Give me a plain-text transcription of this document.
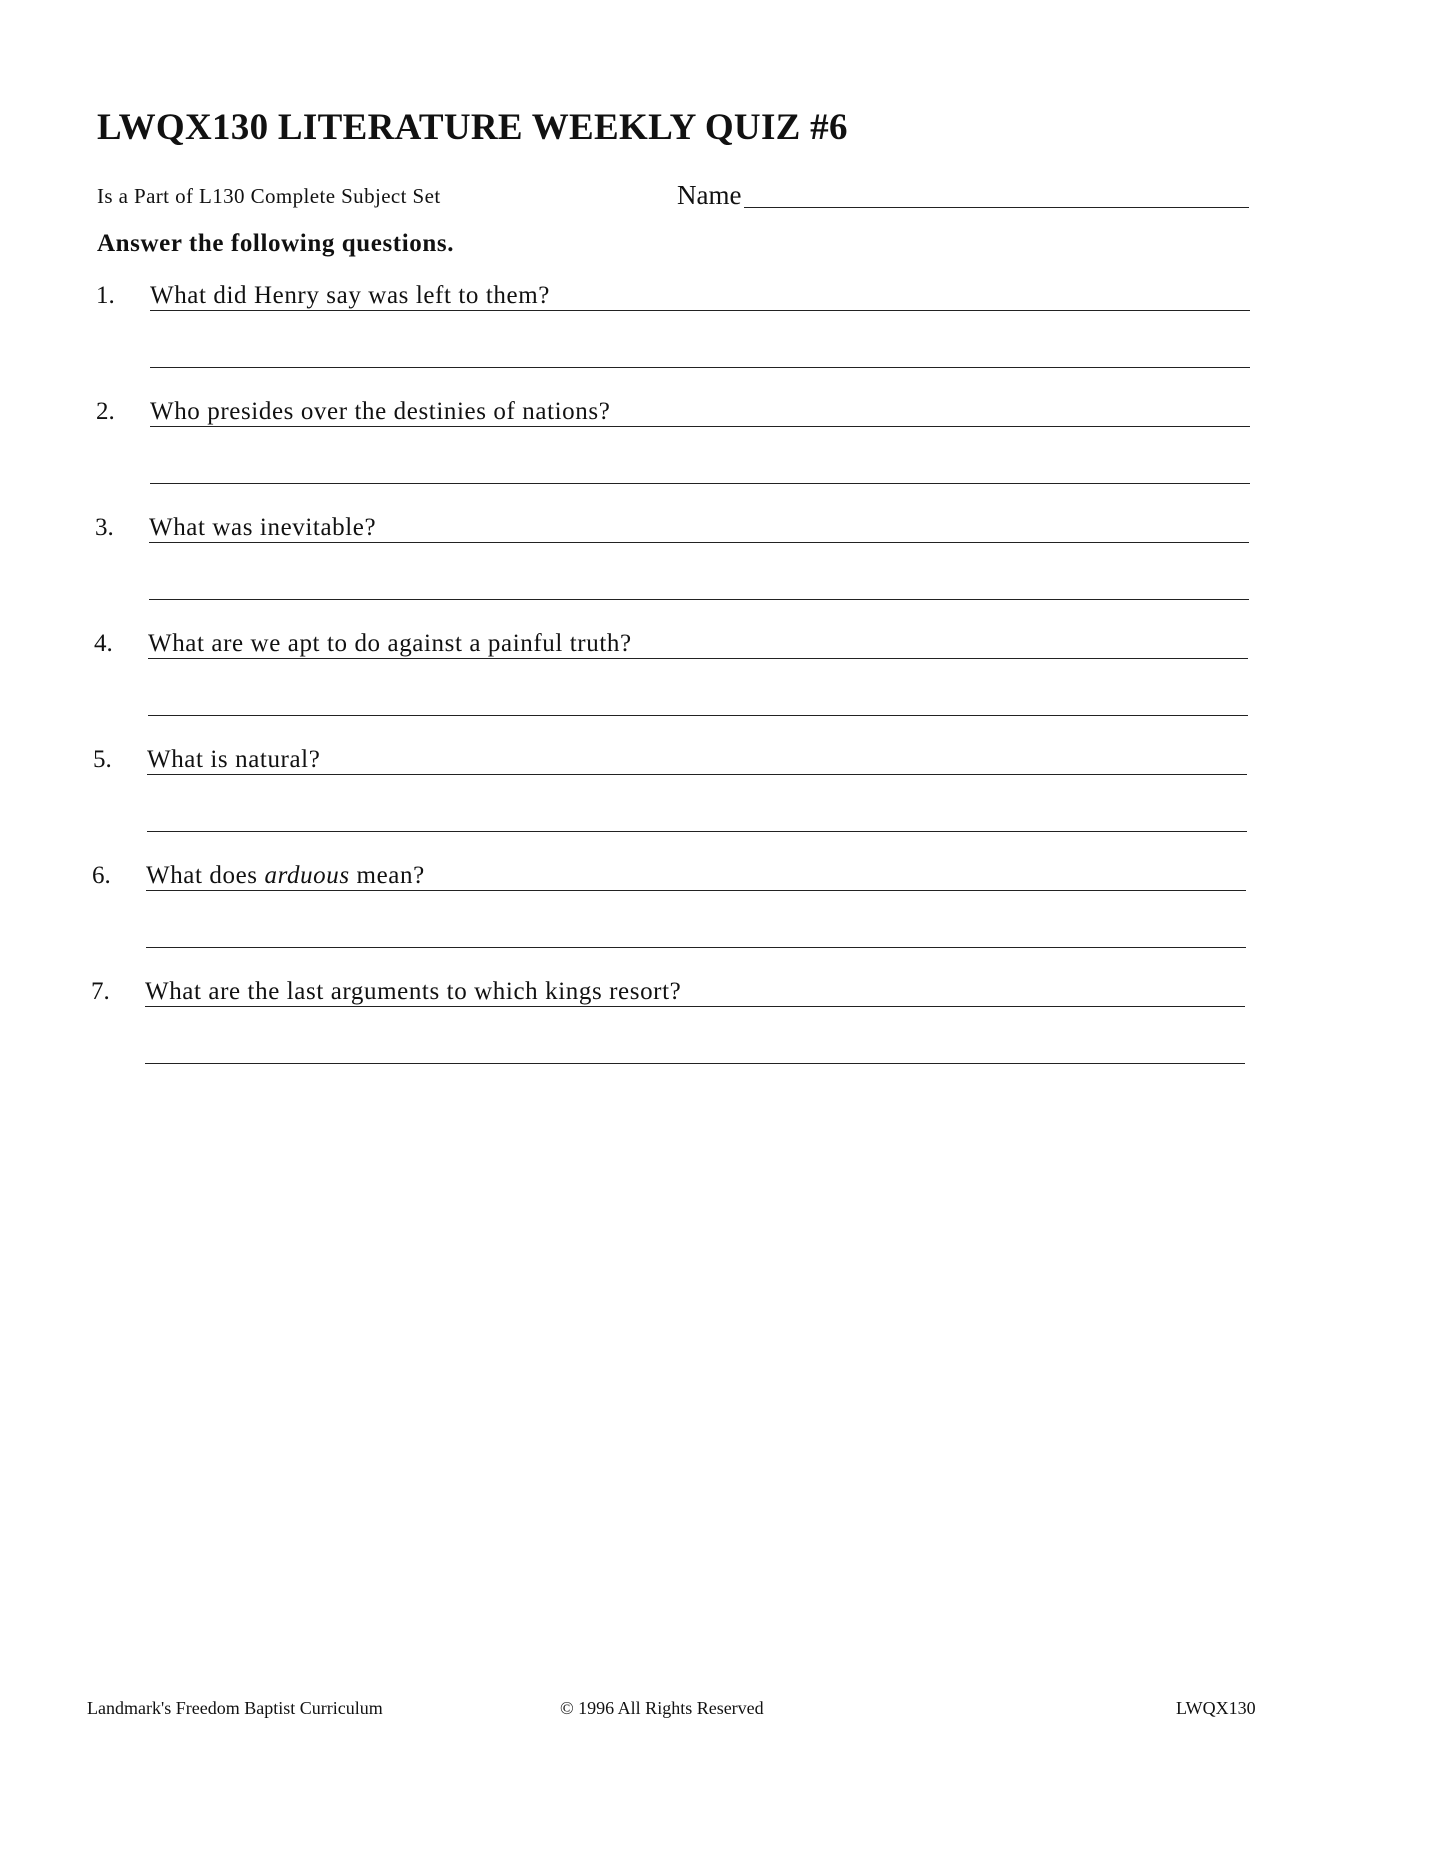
LWQX130 LITERATURE WEEKLY QUIZ #6
Is a Part of L130 Complete Subject Set	Name
Answer the following questions.
1. What did Henry say was left to them?
2. Who presides over the destinies of nations?
3. What was inevitable?
4. What are we apt to do against a painful truth?
5. What is natural?
6. What does arduous mean?
7. What are the last arguments to which kings resort?
Landmark's Freedom Baptist Curriculum	© 1996 All Rights Reserved	LWQX130
